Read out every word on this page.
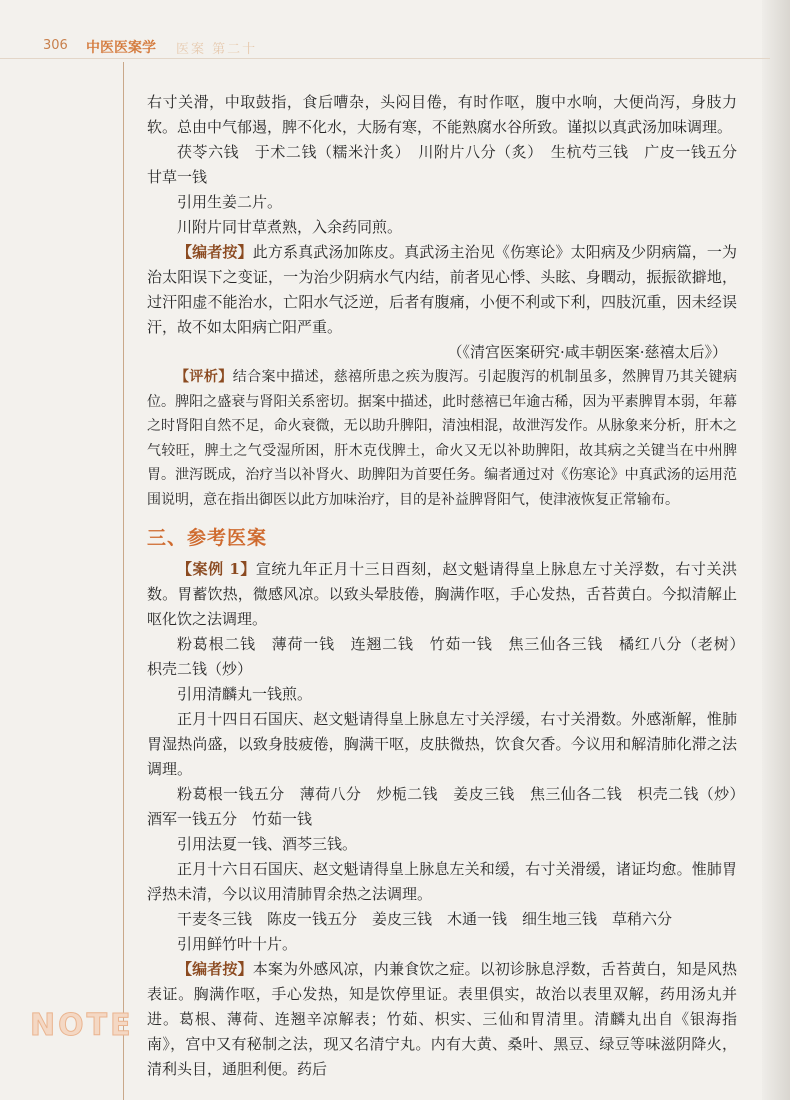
306 中医医案学 医案 第二十
NOTE

右寸关滑，中取鼓指，食后嘈杂，头闷目倦，有时作呕，腹中水响，大便尚泻，身肢力软。总由中气郁遏，脾不化水，大肠有寒，不能熟腐水谷所致。谨拟以真武汤加味调理。

茯苓六钱　于术二钱（糯米汁炙）　川附片八分（炙）　生杭芍三钱　广皮一钱五分　甘草一钱

引用生姜二片。

川附片同甘草煮熟，入余药同煎。

【编者按】此方系真武汤加陈皮。真武汤主治见《伤寒论》太阳病及少阴病篇，一为治太阳误下之变证，一为治少阴病水气内结，前者见心悸、头眩、身瞤动，振振欲擗地，过汗阳虚不能治水，亡阳水气泛逆，后者有腹痛，小便不利或下利，四肢沉重，因未经误汗，故不如太阳病亡阳严重。

（《清宫医案研究·咸丰朝医案·慈禧太后》）

【评析】结合案中描述，慈禧所患之疾为腹泻。引起腹泻的机制虽多，然脾胃乃其关键病位。脾阳之盛衰与肾阳关系密切。据案中描述，此时慈禧已年逾古稀，因为平素脾胃本弱，年幕之时肾阳自然不足，命火衰微，无以助升脾阳，清浊相混，故泄泻发作。从脉象来分析，肝木之气较旺，脾土之气受湿所困，肝木克伐脾土，命火又无以补助脾阳，故其病之关键当在中州脾胃。泄泻既成，治疗当以补肾火、助脾阳为首要任务。编者通过对《伤寒论》中真武汤的运用范围说明，意在指出御医以此方加味治疗，目的是补益脾肾阳气，使津液恢复正常输布。

三、参考医案

【案例 1】宣统九年正月十三日酉刻，赵文魁请得皇上脉息左寸关浮数，右寸关洪数。胃蓄饮热，微感风凉。以致头晕肢倦，胸满作呕，手心发热，舌苔黄白。今拟清解止呕化饮之法调理。

粉葛根二钱　薄荷一钱　连翘二钱　竹茹一钱　焦三仙各三钱　橘红八分（老树）　枳壳二钱（炒）

引用清麟丸一钱煎。

正月十四日石国庆、赵文魁请得皇上脉息左寸关浮缓，右寸关滑数。外感渐解，惟肺胃湿热尚盛，以致身肢疲倦，胸满干呕，皮肤微热，饮食欠香。今议用和解清肺化滞之法调理。

粉葛根一钱五分　薄荷八分　炒栀二钱　姜皮三钱　焦三仙各二钱　枳壳二钱（炒）　酒军一钱五分　竹茹一钱

引用法夏一钱、酒芩三钱。

正月十六日石国庆、赵文魁请得皇上脉息左关和缓，右寸关滑缓，诸证均愈。惟肺胃浮热未清，今以议用清肺胃余热之法调理。

干麦冬三钱　陈皮一钱五分　姜皮三钱　木通一钱　细生地三钱　草稍六分

引用鲜竹叶十片。

【编者按】本案为外感风凉，内兼食饮之症。以初诊脉息浮数，舌苔黄白，知是风热表证。胸满作呕，手心发热，知是饮停里证。表里俱实，故治以表里双解，药用汤丸并进。葛根、薄荷、连翘辛凉解表；竹茹、枳实、三仙和胃清里。清麟丸出自《银海指南》，宫中又有秘制之法，现又名清宁丸。内有大黄、桑叶、黑豆、绿豆等味滋阴降火，清利头目，通胆利便。药后
